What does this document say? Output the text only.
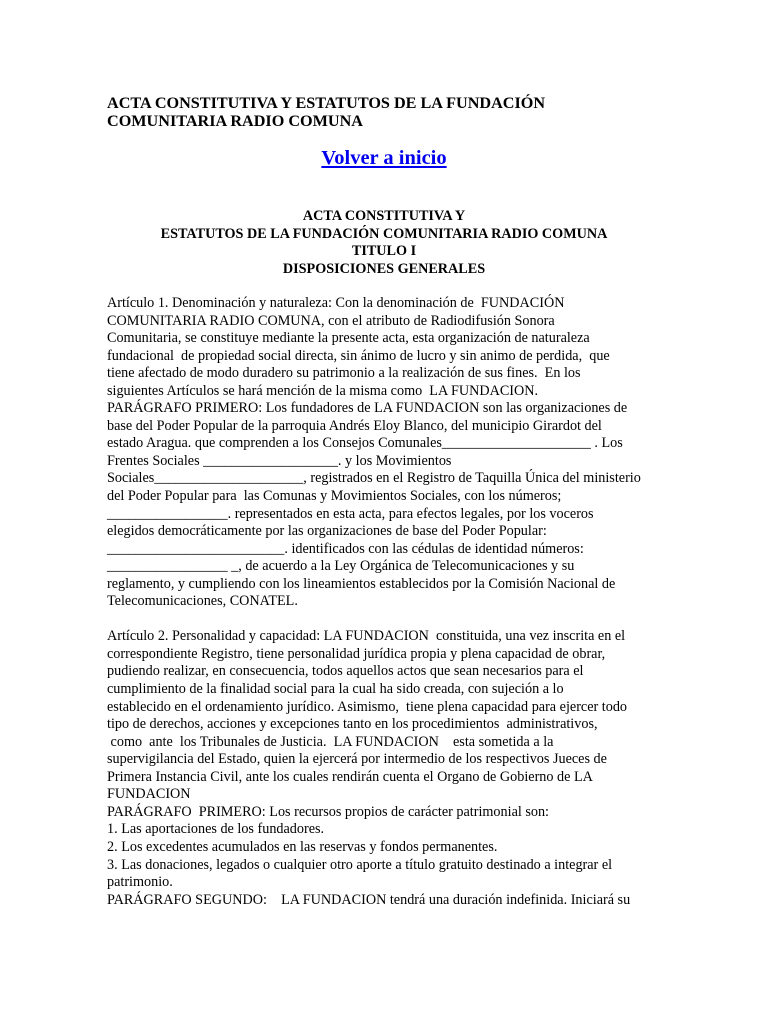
ACTA CONSTITUTIVA Y ESTATUTOS DE LA FUNDACIÓN
COMUNITARIA RADIO COMUNA
Volver a inicio
ACTA CONSTITUTIVA Y
ESTATUTOS DE LA FUNDACIÓN COMUNITARIA RADIO COMUNA
TITULO I
DISPOSICIONES GENERALES
Artículo 1. Denominación y naturaleza: Con la denominación de  FUNDACIÓN
COMUNITARIA RADIO COMUNA, con el atributo de Radiodifusión Sonora
Comunitaria, se constituye mediante la presente acta, esta organización de naturaleza
fundacional  de propiedad social directa, sin ánimo de lucro y sin animo de perdida,  que
tiene afectado de modo duradero su patrimonio a la realización de sus fines.  En los
siguientes Artículos se hará mención de la misma como  LA FUNDACION.
PARÁGRAFO PRIMERO: Los fundadores de LA FUNDACION son las organizaciones de
base del Poder Popular de la parroquia Andrés Eloy Blanco, del municipio Girardot del
estado Aragua. que comprenden a los Consejos Comunales_____________________ . Los
Frentes Sociales ___________________. y los Movimientos
Sociales_____________________, registrados en el Registro de Taquilla Única del ministerio
del Poder Popular para  las Comunas y Movimientos Sociales, con los números;
_________________. representados en esta acta, para efectos legales, por los voceros
elegidos democráticamente por las organizaciones de base del Poder Popular:
_________________________. identificados con las cédulas de identidad números:
_________________ _, de acuerdo a la Ley Orgánica de Telecomunicaciones y su
reglamento, y cumpliendo con los lineamientos establecidos por la Comisión Nacional de
Telecomunicaciones, CONATEL.
Artículo 2. Personalidad y capacidad: LA FUNDACION  constituida, una vez inscrita en el
correspondiente Registro, tiene personalidad jurídica propia y plena capacidad de obrar,
pudiendo realizar, en consecuencia, todos aquellos actos que sean necesarios para el
cumplimiento de la finalidad social para la cual ha sido creada, con sujeción a lo
establecido en el ordenamiento jurídico. Asimismo,  tiene plena capacidad para ejercer todo
tipo de derechos, acciones y excepciones tanto en los procedimientos  administrativos,
como  ante  los Tribunales de Justicia.  LA FUNDACION    esta sometida a la
supervigilancia del Estado, quien la ejercerá por intermedio de los respectivos Jueces de
Primera Instancia Civil, ante los cuales rendirán cuenta el Organo de Gobierno de LA
FUNDACION
PARÁGRAFO  PRIMERO: Los recursos propios de carácter patrimonial son:
1. Las aportaciones de los fundadores.
2. Los excedentes acumulados en las reservas y fondos permanentes.
3. Las donaciones, legados o cualquier otro aporte a título gratuito destinado a integrar el
patrimonio.
PARÁGRAFO SEGUNDO:    LA FUNDACION tendrá una duración indefinida. Iniciará su
